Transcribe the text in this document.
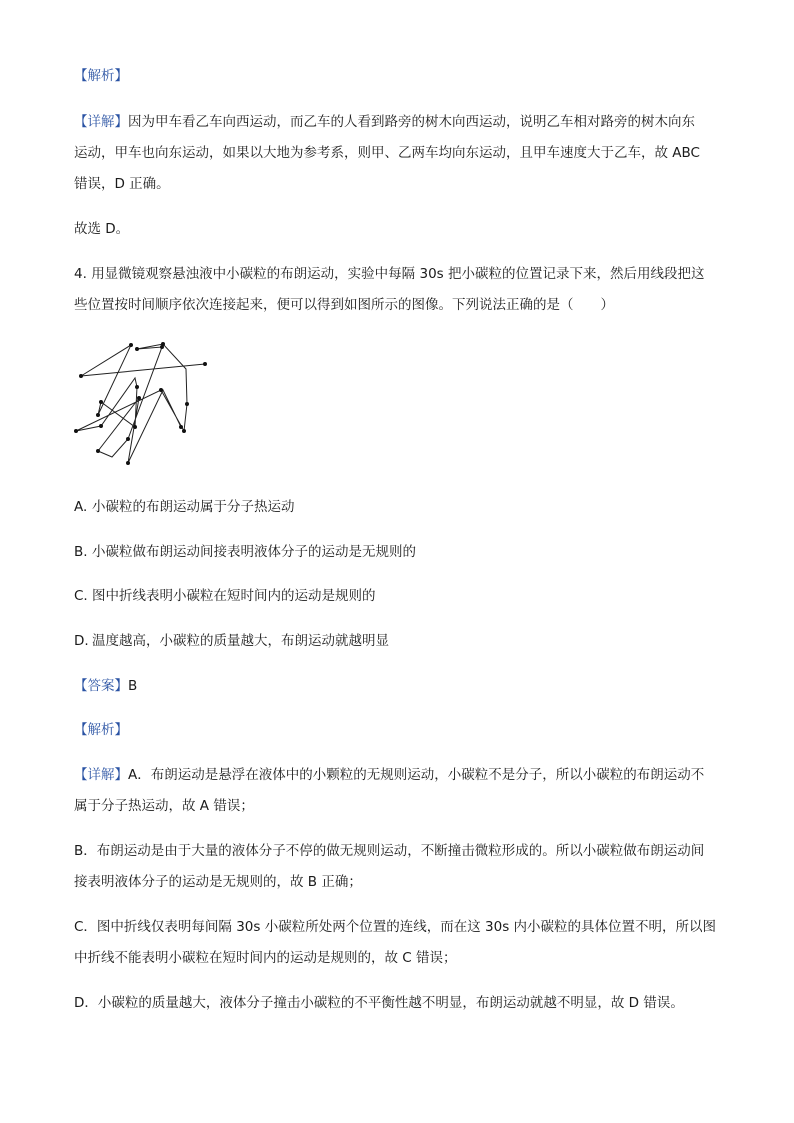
【解析】
【详解】因为甲车看乙车向西运动，而乙车的人看到路旁的树木向西运动，说明乙车相对路旁的树木向东
运动，甲车也向东运动，如果以大地为参考系，则甲、乙两车均向东运动，且甲车速度大于乙车，故 ABC
错误，D 正确。
故选 D。
4. 用显微镜观察悬浊液中小碳粒的布朗运动，实验中每隔 30s 把小碳粒的位置记录下来，然后用线段把这
些位置按时间顺序依次连接起来，便可以得到如图所示的图像。下列说法正确的是（　　）
A. 小碳粒的布朗运动属于分子热运动
B. 小碳粒做布朗运动间接表明液体分子的运动是无规则的
C. 图中折线表明小碳粒在短时间内的运动是规则的
D. 温度越高，小碳粒的质量越大，布朗运动就越明显
【答案】B
【解析】
【详解】A．布朗运动是悬浮在液体中的小颗粒的无规则运动，小碳粒不是分子，所以小碳粒的布朗运动不
属于分子热运动，故 A 错误；
B．布朗运动是由于大量的液体分子不停的做无规则运动，不断撞击微粒形成的。所以小碳粒做布朗运动间
接表明液体分子的运动是无规则的，故 B 正确；
C．图中折线仅表明每间隔 30s 小碳粒所处两个位置的连线，而在这 30s 内小碳粒的具体位置不明，所以图
中折线不能表明小碳粒在短时间内的运动是规则的，故 C 错误；
D．小碳粒的质量越大，液体分子撞击小碳粒的不平衡性越不明显，布朗运动就越不明显，故 D 错误。
